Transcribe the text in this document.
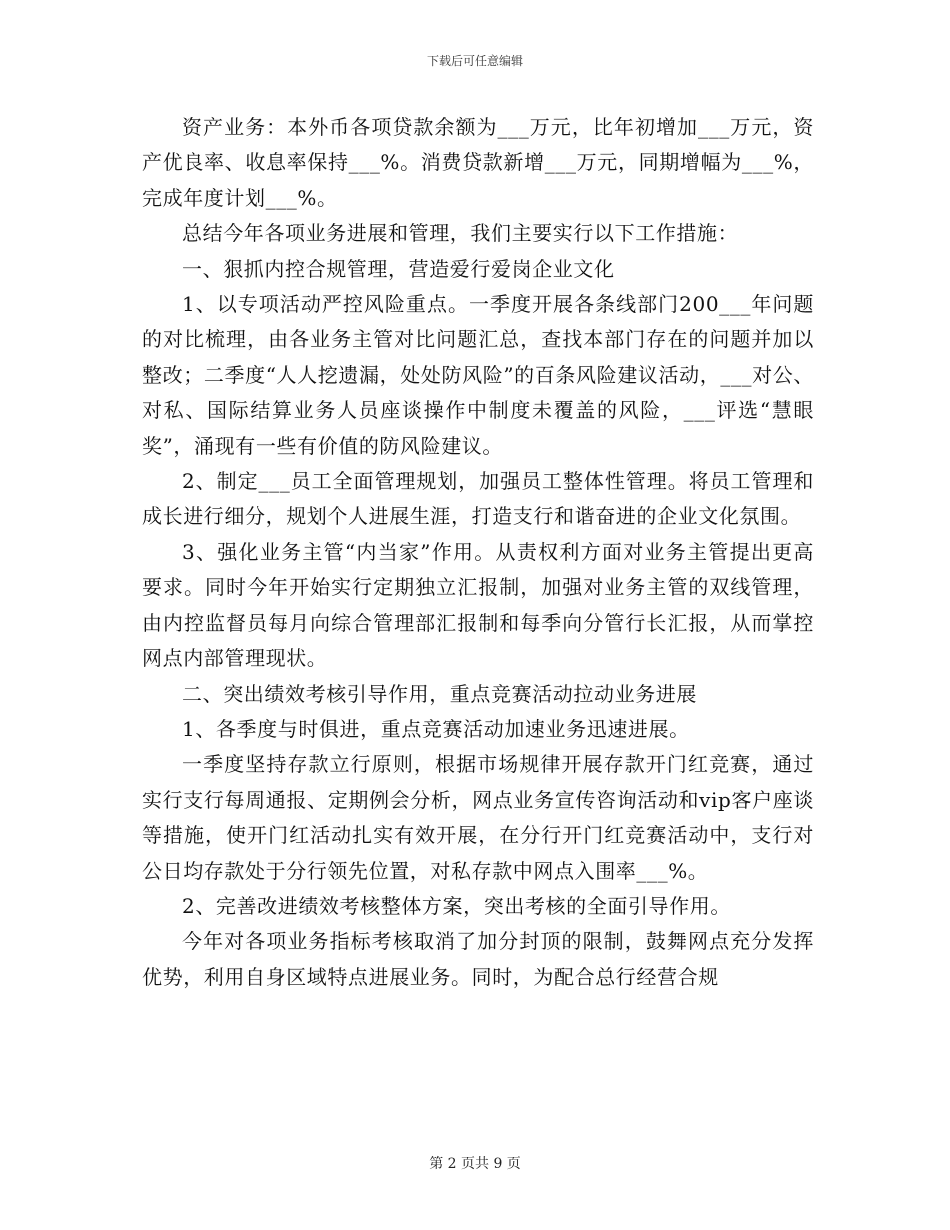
下载后可任意编辑

资产业务：本外币各项贷款余额为___万元，比年初增加___万元，资产优良率、收息率保持___%。消费贷款新增___万元，同期增幅为___%，完成年度计划___%。

总结今年各项业务进展和管理，我们主要实行以下工作措施：

一、狠抓内控合规管理，营造爱行爱岗企业文化

1、以专项活动严控风险重点。一季度开展各条线部门200___年问题的对比梳理，由各业务主管对比问题汇总，查找本部门存在的问题并加以整改；二季度“人人挖遗漏，处处防风险”的百条风险建议活动，___对公、对私、国际结算业务人员座谈操作中制度未覆盖的风险，___评选“慧眼奖”，涌现有一些有价值的防风险建议。

2、制定___员工全面管理规划，加强员工整体性管理。将员工管理和成长进行细分，规划个人进展生涯，打造支行和谐奋进的企业文化氛围。

3、强化业务主管“内当家”作用。从责权利方面对业务主管提出更高要求。同时今年开始实行定期独立汇报制，加强对业务主管的双线管理，由内控监督员每月向综合管理部汇报制和每季向分管行长汇报，从而掌控网点内部管理现状。

二、突出绩效考核引导作用，重点竞赛活动拉动业务进展

1、各季度与时俱进，重点竞赛活动加速业务迅速进展。

一季度坚持存款立行原则，根据市场规律开展存款开门红竞赛，通过实行支行每周通报、定期例会分析，网点业务宣传咨询活动和vip客户座谈等措施，使开门红活动扎实有效开展，在分行开门红竞赛活动中，支行对公日均存款处于分行领先位置，对私存款中网点入围率___%。

2、完善改进绩效考核整体方案，突出考核的全面引导作用。

今年对各项业务指标考核取消了加分封顶的限制，鼓舞网点充分发挥优势，利用自身区域特点进展业务。同时，为配合总行经营合规

第 2 页共 9 页
